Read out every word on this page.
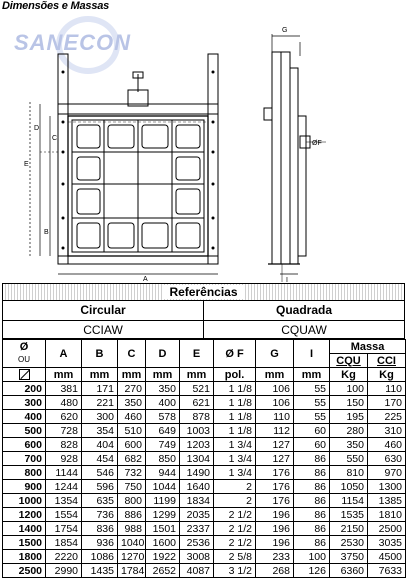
Dimensões e Massas
SANECON
A
B
C
D
E
G
I
ØF
Referências
Circular	Quadrada
CCIAW	CQUAW
Ø
OU	A	B	C	D	E	Ø F	G	I	Massa	
									CQU	CCI
	mm	mm	mm	mm	mm	pol.	mm	mm	Kg	Kg
200	381	171	270	350	521	1 1/8	106	55	100	110
300	480	221	350	400	621	1 1/8	106	55	150	170
400	620	300	460	578	878	1 1/8	110	55	195	225
500	728	354	510	649	1003	1 1/8	112	60	280	310
600	828	404	600	749	1203	1 3/4	127	60	350	460
700	928	454	682	850	1304	1 3/4	127	86	550	630
800	1144	546	732	944	1490	1 3/4	176	86	810	970
900	1244	596	750	1044	1640	2	176	86	1050	1300
1000	1354	635	800	1199	1834	2	176	86	1154	1385
1200	1554	736	886	1299	2035	2 1/2	196	86	1535	1810
1400	1754	836	988	1501	2337	2 1/2	196	86	2150	2500
1500	1854	936	1040	1600	2536	2 1/2	196	86	2530	3035
1800	2220	1086	1270	1922	3008	2 5/8	233	100	3750	4500
2500	2990	1435	1784	2652	4087	3 1/2	268	126	6360	7633
